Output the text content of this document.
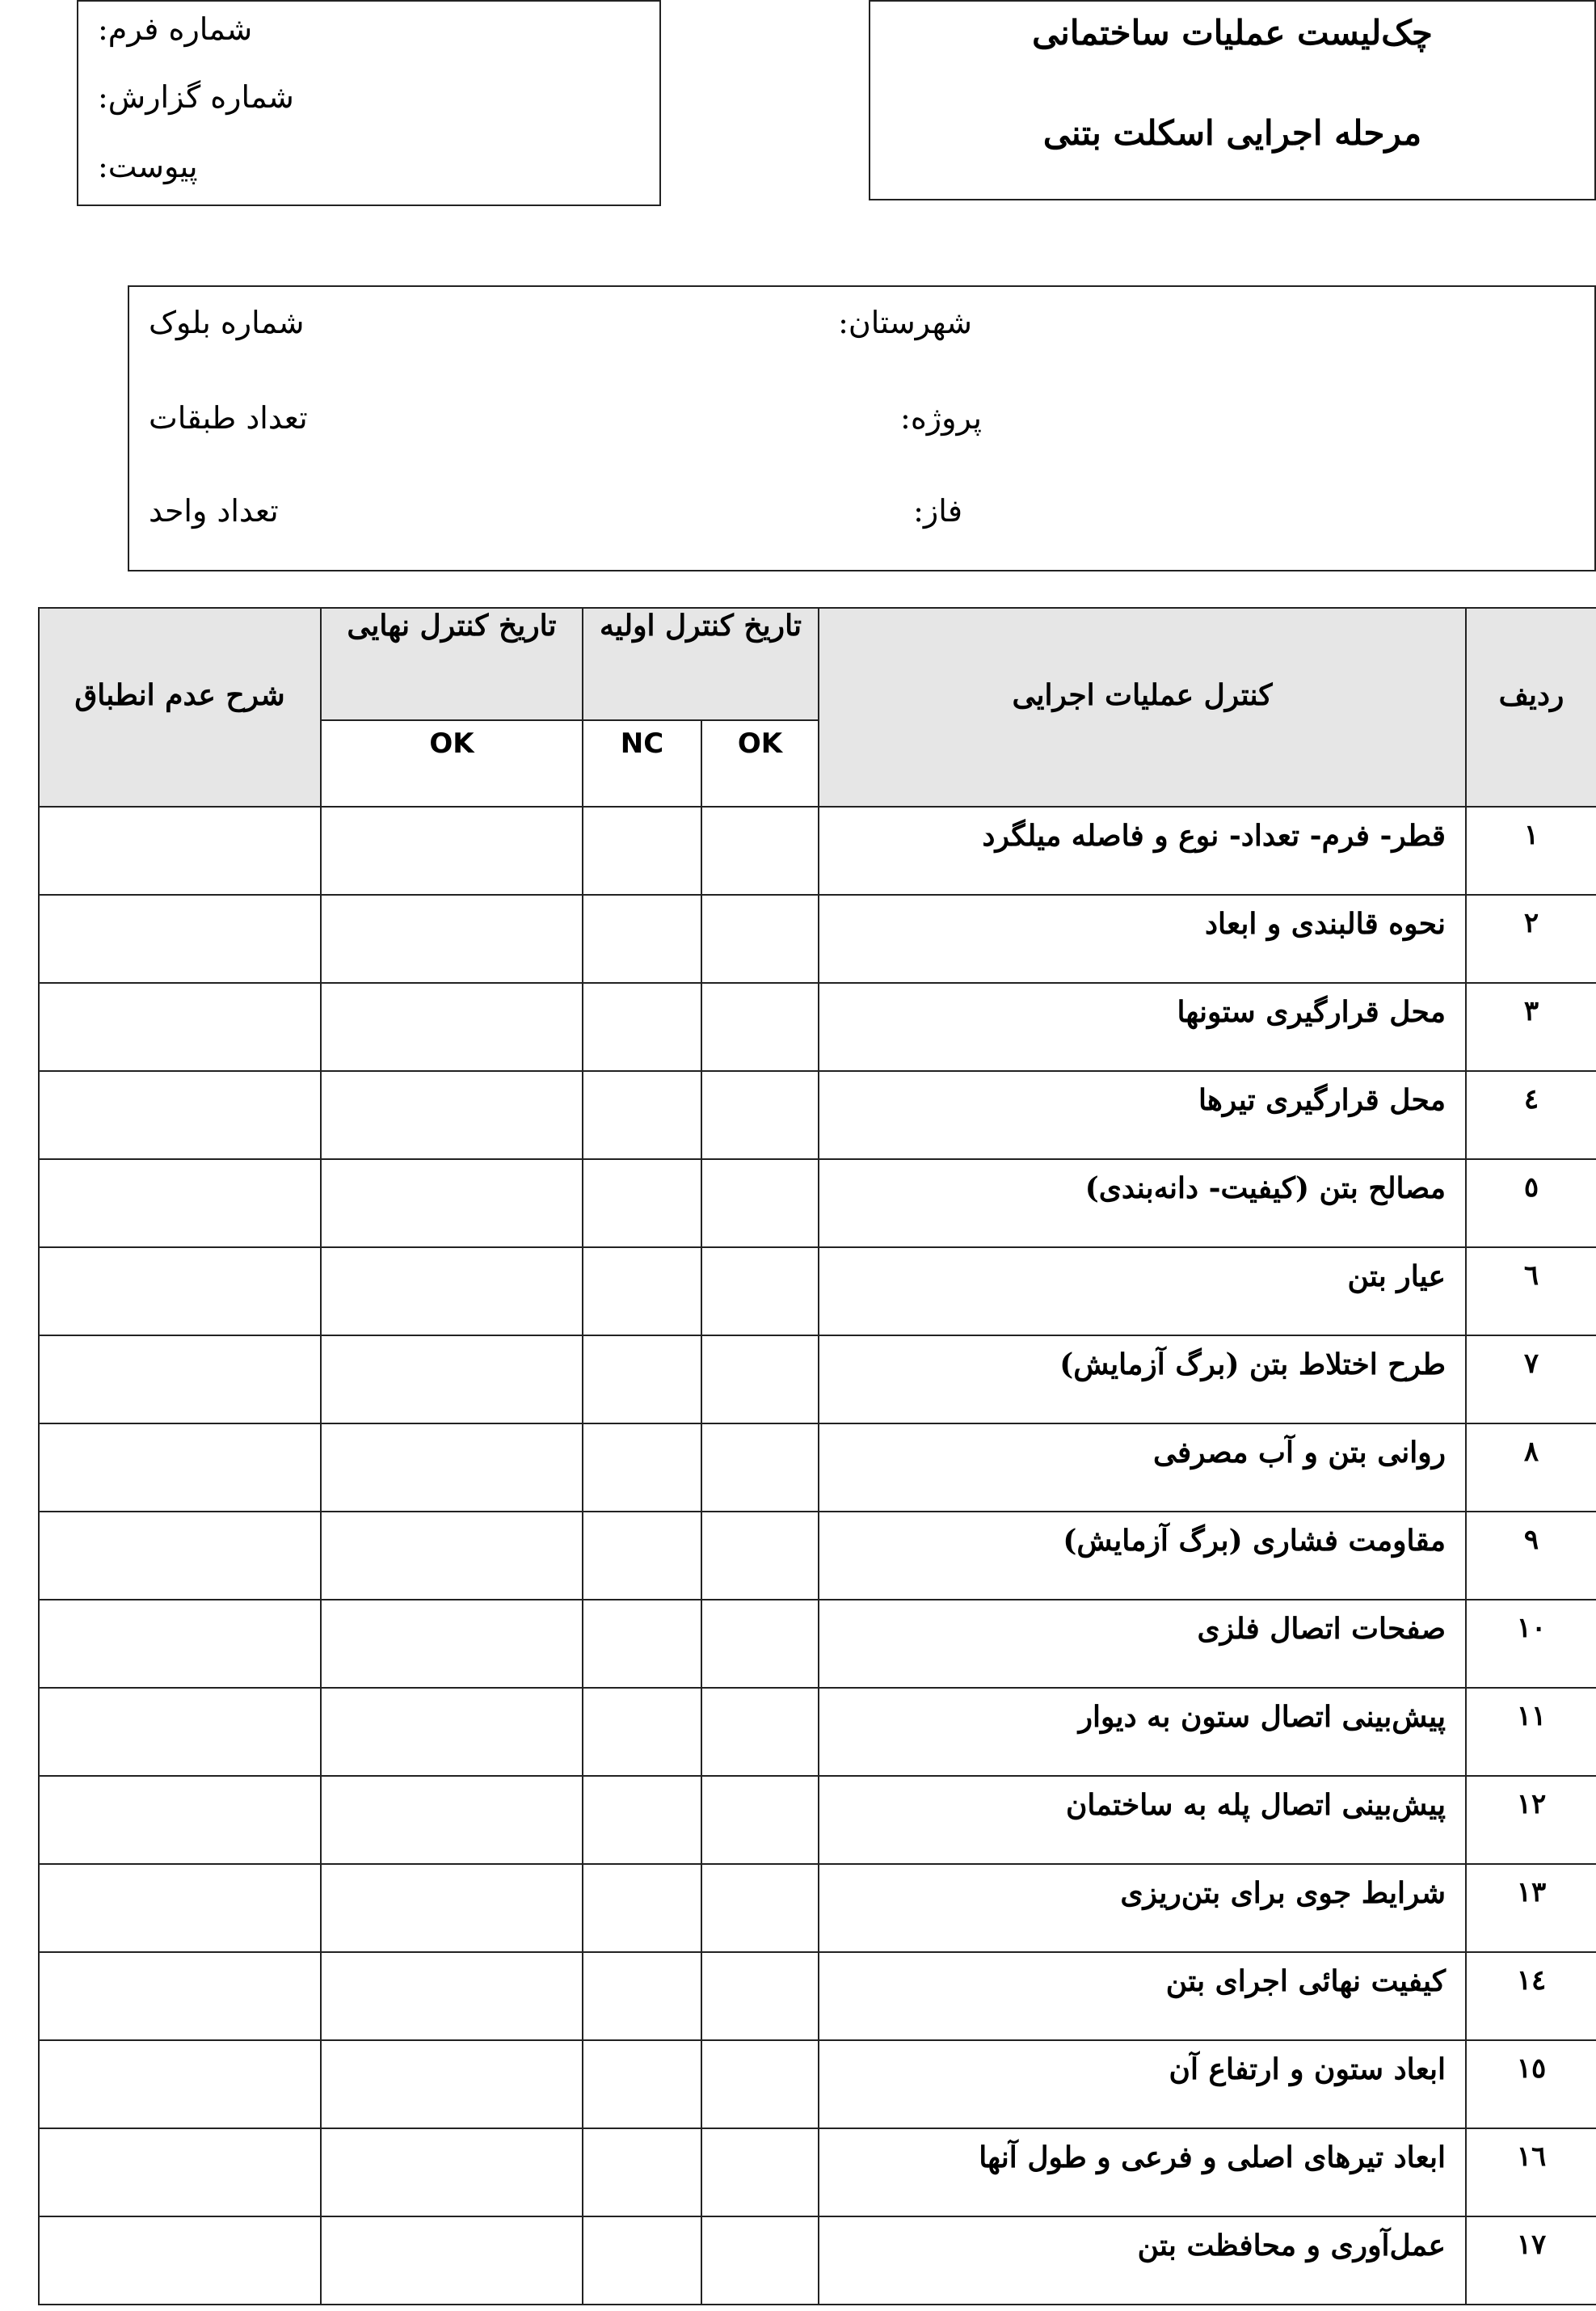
چک‌لیست عملیات ساختمانی
مرحله اجرایی اسکلت بتنی
شماره فرم:
شماره گزارش:
پیوست:
شهرستان:
پروژه:
فاز:
شماره بلوک
تعداد طبقات
تعداد واحد
ردیف	کنترل عملیات اجرایی	تاریخ کنترل اولیه		تاریخ کنترل نهایی	شرح عدم انطباق
		OK	NC	OK	
۱	قطر- فرم- تعداد- نوع و فاصله میلگرد				
۲	نحوه قالبندی و ابعاد				
۳	محل قرارگیری ستونها				
٤	محل قرارگیری تیرها				
٥	مصالح بتن (کیفیت- دانه‌بندی)				
٦	عیار بتن				
۷	طرح اختلاط بتن (برگ آزمایش)				
۸	روانی بتن و آب مصرفی				
۹	مقاومت فشاری (برگ آزمایش)				
۱۰	صفحات اتصال فلزی				
۱۱	پیش‌بینی اتصال ستون به دیوار				
۱۲	پیش‌بینی اتصال پله به ساختمان				
۱۳	شرایط جوی برای بتن‌ریزی				
۱٤	کیفیت نهائی اجرای بتن				
۱٥	ابعاد ستون و ارتفاع آن				
۱٦	ابعاد تیرهای اصلی و فرعی و طول آنها				
۱۷	عمل‌آوری و محافظت بتن				
